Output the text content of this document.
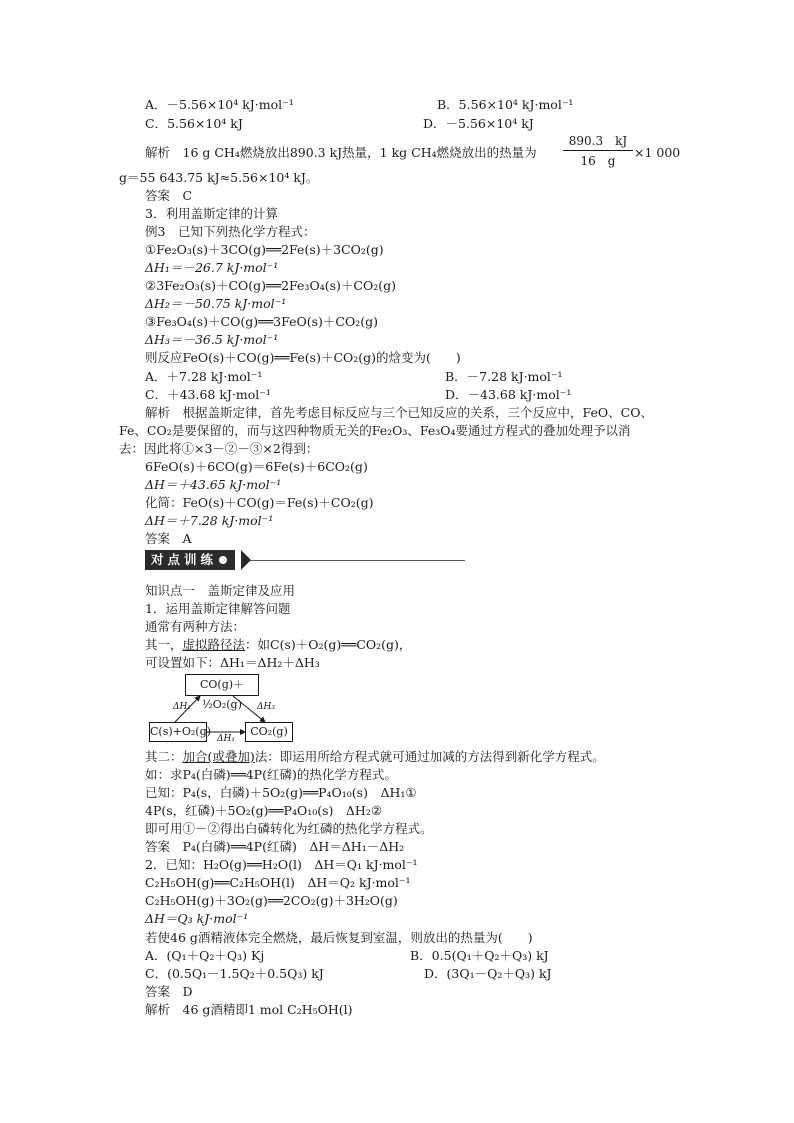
A．－5.56×10⁴ kJ·mol⁻¹	B．5.56×10⁴ kJ·mol⁻¹
C．5.56×10⁴ kJ	D．－5.56×10⁴ kJ
解析　16 g CH₄燃烧放出890.3 kJ热量，1 kg CH₄燃烧放出的热量为
890.3　kJ
16　g
×1 000
g＝55 643.75 kJ≈5.56×10⁴ kJ。
答案　C
3．利用盖斯定律的计算
例3　已知下列热化学方程式：
①Fe₂O₃(s)＋3CO(g)══2Fe(s)＋3CO₂(g)
ΔH₁＝－26.7 kJ·mol⁻¹
②3Fe₂O₃(s)＋CO(g)══2Fe₃O₄(s)＋CO₂(g)
ΔH₂＝－50.75 kJ·mol⁻¹
③Fe₃O₄(s)＋CO(g)══3FeO(s)＋CO₂(g)
ΔH₃＝－36.5 kJ·mol⁻¹
则反应FeO(s)＋CO(g)══Fe(s)＋CO₂(g)的焓变为(　　)
A．＋7.28 kJ·mol⁻¹	B．－7.28 kJ·mol⁻¹
C．＋43.68 kJ·mol⁻¹	D．－43.68 kJ·mol⁻¹
解析　根据盖斯定律，首先考虑目标反应与三个已知反应的关系，三个反应中，FeO、CO、
Fe、CO₂是要保留的，而与这四种物质无关的Fe₂O₃、Fe₃O₄要通过方程式的叠加处理予以消
去：因此将①×3－②－③×2得到：
6FeO(s)＋6CO(g)＝6Fe(s)＋6CO₂(g)
ΔH＝＋43.65 kJ·mol⁻¹
化简：FeO(s)＋CO(g)＝Fe(s)＋CO₂(g)
ΔH＝＋7.28 kJ·mol⁻¹
答案　A
对点训练
知识点一　盖斯定律及应用
1．运用盖斯定律解答问题
通常有两种方法：
其一，虚拟路径法：如C(s)＋O₂(g)══CO₂(g)，
可设置如下：ΔH₁＝ΔH₂＋ΔH₃
CO(g)＋½O₂(g)
C(s)+O₂(g)	CO₂(g)
ΔH₂	ΔH₃
ΔH₁
其二：加合(或叠加)法：即运用所给方程式就可通过加减的方法得到新化学方程式。
如：求P₄(白磷)══4P(红磷)的热化学方程式。
已知：P₄(s，白磷)＋5O₂(g)══P₄O₁₀(s)　ΔH₁①
4P(s，红磷)＋5O₂(g)══P₄O₁₀(s)　ΔH₂②
即可用①－②得出白磷转化为红磷的热化学方程式。
答案　P₄(白磷)══4P(红磷)　ΔH＝ΔH₁－ΔH₂
2．已知：H₂O(g)══H₂O(l)　ΔH＝Q₁ kJ·mol⁻¹
C₂H₅OH(g)══C₂H₅OH(l)　ΔH＝Q₂ kJ·mol⁻¹
C₂H₅OH(g)＋3O₂(g)══2CO₂(g)＋3H₂O(g)
ΔH＝Q₃ kJ·mol⁻¹
若使46 g酒精液体完全燃烧，最后恢复到室温，则放出的热量为(　　)
A．(Q₁＋Q₂＋Q₃) Kj	B．0.5(Q₁＋Q₂＋Q₃) kJ
C．(0.5Q₁－1.5Q₂＋0.5Q₃) kJ	D．(3Q₁－Q₂＋Q₃) kJ
答案　D
解析　46 g酒精即1 mol C₂H₅OH(l)
